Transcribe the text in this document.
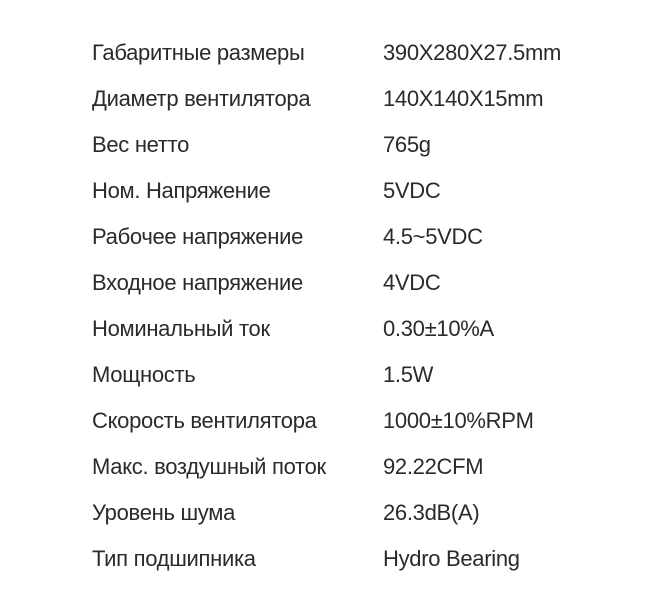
Габаритные размеры	390X280X27.5mm
Диаметр вентилятора	140X140X15mm
Вес нетто	765g
Ном. Напряжение	5VDC
Рабочее напряжение	4.5~5VDC
Входное напряжение	4VDC
Номинальный ток	0.30±10%A
Мощность	1.5W
Скорость вентилятора	1000±10%RPM
Макс. воздушный поток	92.22CFM
Уровень шума	26.3dB(A)
Тип подшипника	Hydro Bearing
